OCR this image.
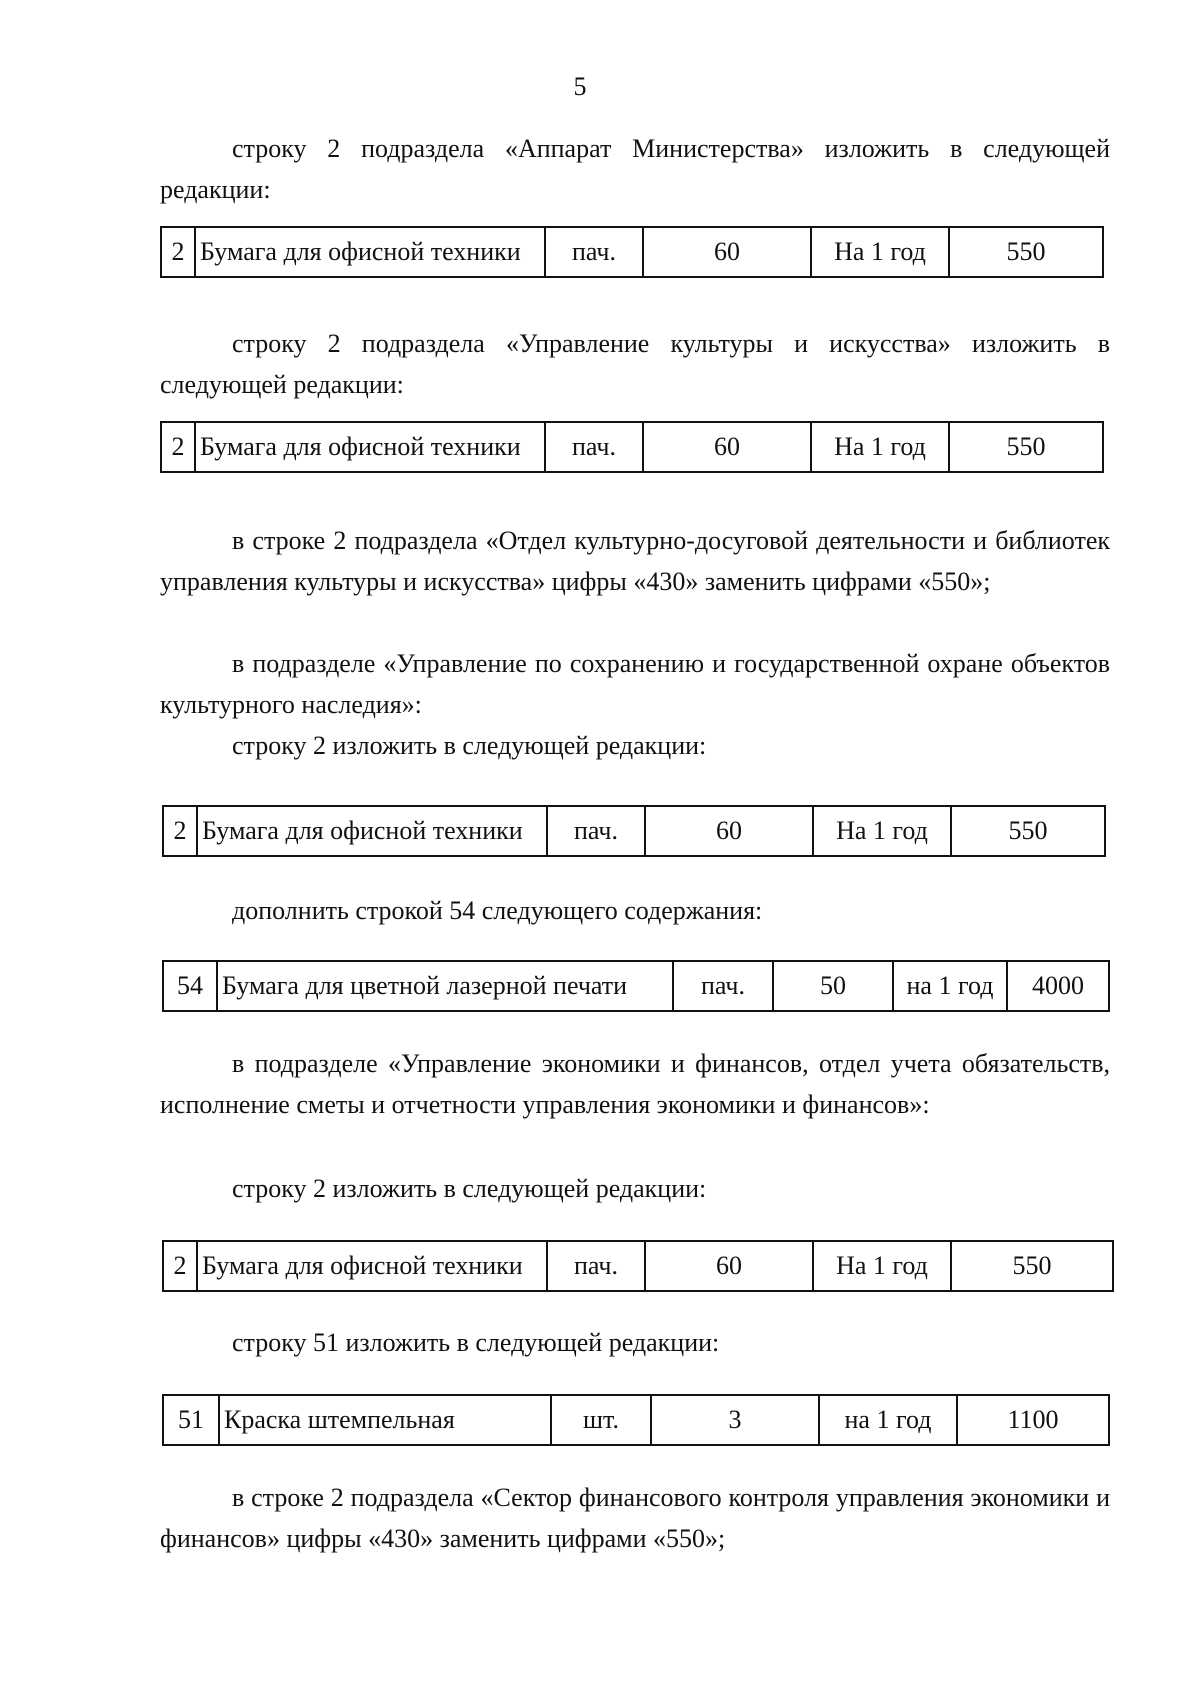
5

строку 2 подраздела «Аппарат Министерства» изложить в следующей редакции:

2	Бумага для офисной техники	пач.	60	На 1 год	550

строку 2 подраздела «Управление культуры и искусства» изложить в следующей редакции:

2	Бумага для офисной техники	пач.	60	На 1 год	550

в строке 2 подраздела «Отдел культурно-досуговой деятельности и библиотек управления культуры и искусства» цифры «430» заменить цифрами «550»;

в подразделе «Управление по сохранению и государственной охране объектов культурного наследия»:

строку 2 изложить в следующей редакции:

2	Бумага для офисной техники	пач.	60	На 1 год	550

дополнить строкой 54 следующего содержания:

54	Бумага для цветной лазерной печати	пач.	50	на 1 год	4000

в подразделе «Управление экономики и финансов, отдел учета обязательств, исполнение сметы и отчетности управления экономики и финансов»:

строку 2 изложить в следующей редакции:

2	Бумага для офисной техники	пач.	60	На 1 год	550

строку 51 изложить в следующей редакции:

51	Краска штемпельная	шт.	3	на 1 год	1100

в строке 2 подраздела «Сектор финансового контроля управления экономики и финансов» цифры «430» заменить цифрами «550»;
